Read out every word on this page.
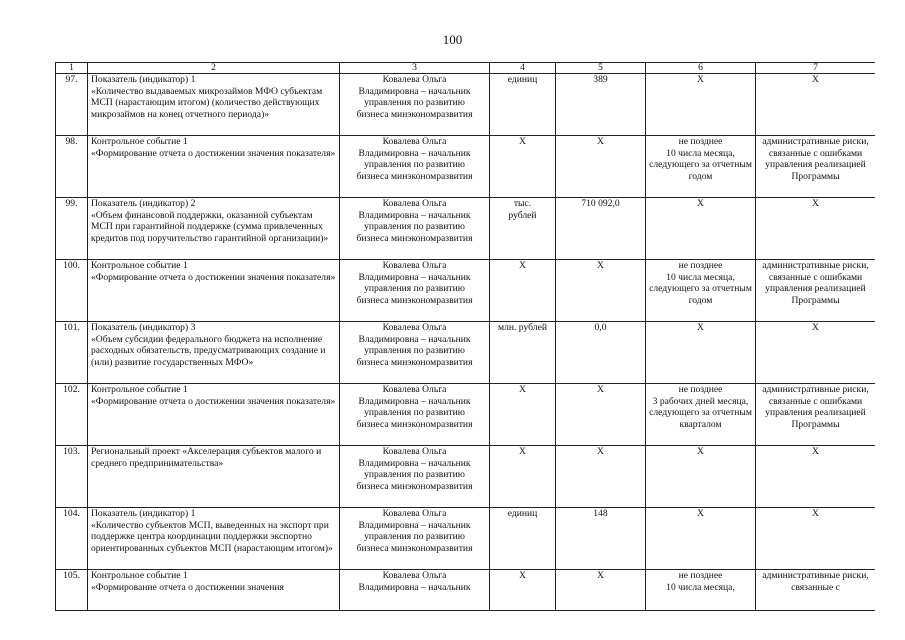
100
1	2	3	4	5	6	7
97.	Показатель (индикатор) 1
«Количество выдаваемых микрозаймов МФО субъектам МСП (нарастающим итогом) (количество действующих микрозаймов на конец отчетного периода)»	Ковалева Ольга
Владимировна – начальник
управления по развитию
бизнеса минэкономразвития	единиц	389	Х	Х
98.	Контрольное событие 1
«Формирование отчета о достижении значения показателя»	Ковалева Ольга
Владимировна – начальник
управления по развитию
бизнеса минэкономразвития	Х	Х	не позднее
10 числа месяца,
следующего за отчетным годом	административные риски, связанные с ошибками управления реализацией Программы
99.	Показатель (индикатор) 2
«Объем финансовой поддержки, оказанной субъектам МСП при гарантийной поддержке (сумма привлеченных кредитов под поручительство гарантийной организации)»	Ковалева Ольга
Владимировна – начальник
управления по развитию
бизнеса минэкономразвития	тыс.
рублей	710 092,0	Х	Х
100.	Контрольное событие 1
«Формирование отчета о достижении значения показателя»	Ковалева Ольга
Владимировна – начальник
управления по развитию
бизнеса минэкономразвития	Х	Х	не позднее
10 числа месяца,
следующего за отчетным годом	административные риски, связанные с ошибками управления реализацией Программы
101.	Показатель (индикатор) 3
«Объем субсидии федерального бюджета на исполнение расходных обязательств, предусматривающих создание и (или) развитие государственных МФО»	Ковалева Ольга
Владимировна – начальник
управления по развитию
бизнеса минэкономразвития	млн. рублей	0,0	Х	Х
102.	Контрольное событие 1
«Формирование отчета о достижении значения показателя»	Ковалева Ольга
Владимировна – начальник
управления по развитию
бизнеса минэкономразвития	Х	Х	не позднее
3 рабочих дней месяца, следующего за отчетным кварталом	административные риски, связанные с ошибками управления реализацией Программы
103.	Региональный проект «Акселерация субъектов малого и среднего предпринимательства»	Ковалева Ольга
Владимировна – начальник
управления по развитию
бизнеса минэкономразвития	Х	Х	Х	Х
104.	Показатель (индикатор) 1
«Количество субъектов МСП, выведенных на экспорт при поддержке центра координации поддержки экспортно ориентированных субъектов МСП (нарастающим итогом)»	Ковалева Ольга
Владимировна – начальник
управления по развитию
бизнеса минэкономразвития	единиц	148	Х	Х
105.	Контрольное событие 1
«Формирование отчета о достижении значения	Ковалева Ольга
Владимировна – начальник	Х	Х	не позднее
10 числа месяца,	административные риски, связанные с
